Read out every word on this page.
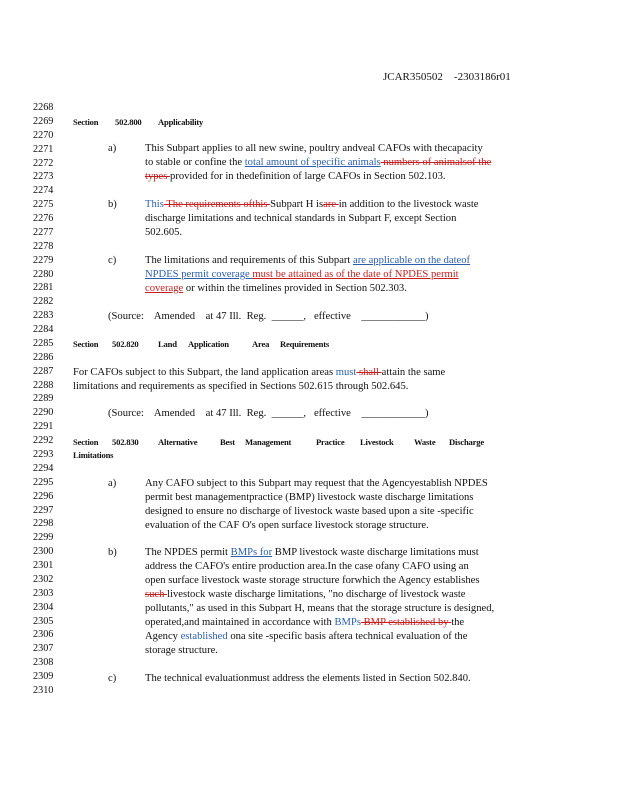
JCAR350502 -2303186r01
2268
2269
2270
2271
2272
2273
2274
2275
2276
2277
2278
2279
2280
2281
2282
2283
2284
2285
2286
2287
2288
2289
2290
2291
2292
2293
2294
2295
2296
2297
2298
2299
2300
2301
2302
2303
2304
2305
2306
2307
2308
2309
2310
Section 502.800 Applicability
a)	This Subpart applies to all new swine, poultry andveal CAFOs with thecapacity
to stable or confine the total amount of specific animals numbers of animalsof the
types provided for in thedefinition of large CAFOs in Section 502.103.
b)	This The requirements ofthis Subpart H isare in addition to the livestock waste
discharge limitations and technical standards in Subpart F, except Section
502.605.
c)	The limitations and requirements of this Subpart are applicable on the dateof
NPDES permit coverage must be attained as of the date of NPDES permit
coverage or within the timelines provided in Section 502.303.
(Source:    Amended    at 47 Ill.  Reg.  ______,   effective    ____________)
Section 502.820 Land Application	Area Requirements
For CAFOs subject to this Subpart, the land application areas must shall attain the same
limitations and requirements as specified in Sections 502.615 through 502.645.
(Source:    Amended    at 47 Ill.  Reg.  ______,   effective    ____________)
Section 502.830 Alternative	Best Management	Practice Livestock Waste Discharge
Limitations
a)	Any CAFO subject to this Subpart may request that the Agencyestablish NPDES
permit best managementpractice (BMP) livestock waste discharge limitations
designed to ensure no discharge of livestock waste based upon a site -specific
evaluation of the CAF O's open surface livestock storage structure.
b)	The NPDES permit BMPs for BMP livestock waste discharge limitations must
address the CAFO's entire production area.In the case ofany CAFO using an
open surface livestock waste storage structure forwhich the Agency establishes
such livestock waste discharge limitations, "no discharge of livestock waste
pollutants," as used in this Subpart H, means that the storage structure is designed,
operated,and maintained in accordance with BMPs BMP established by the
Agency established ona site -specific basis aftera technical evaluation of the
storage structure.
c)	The technical evaluationmust address the elements listed in Section 502.840.
